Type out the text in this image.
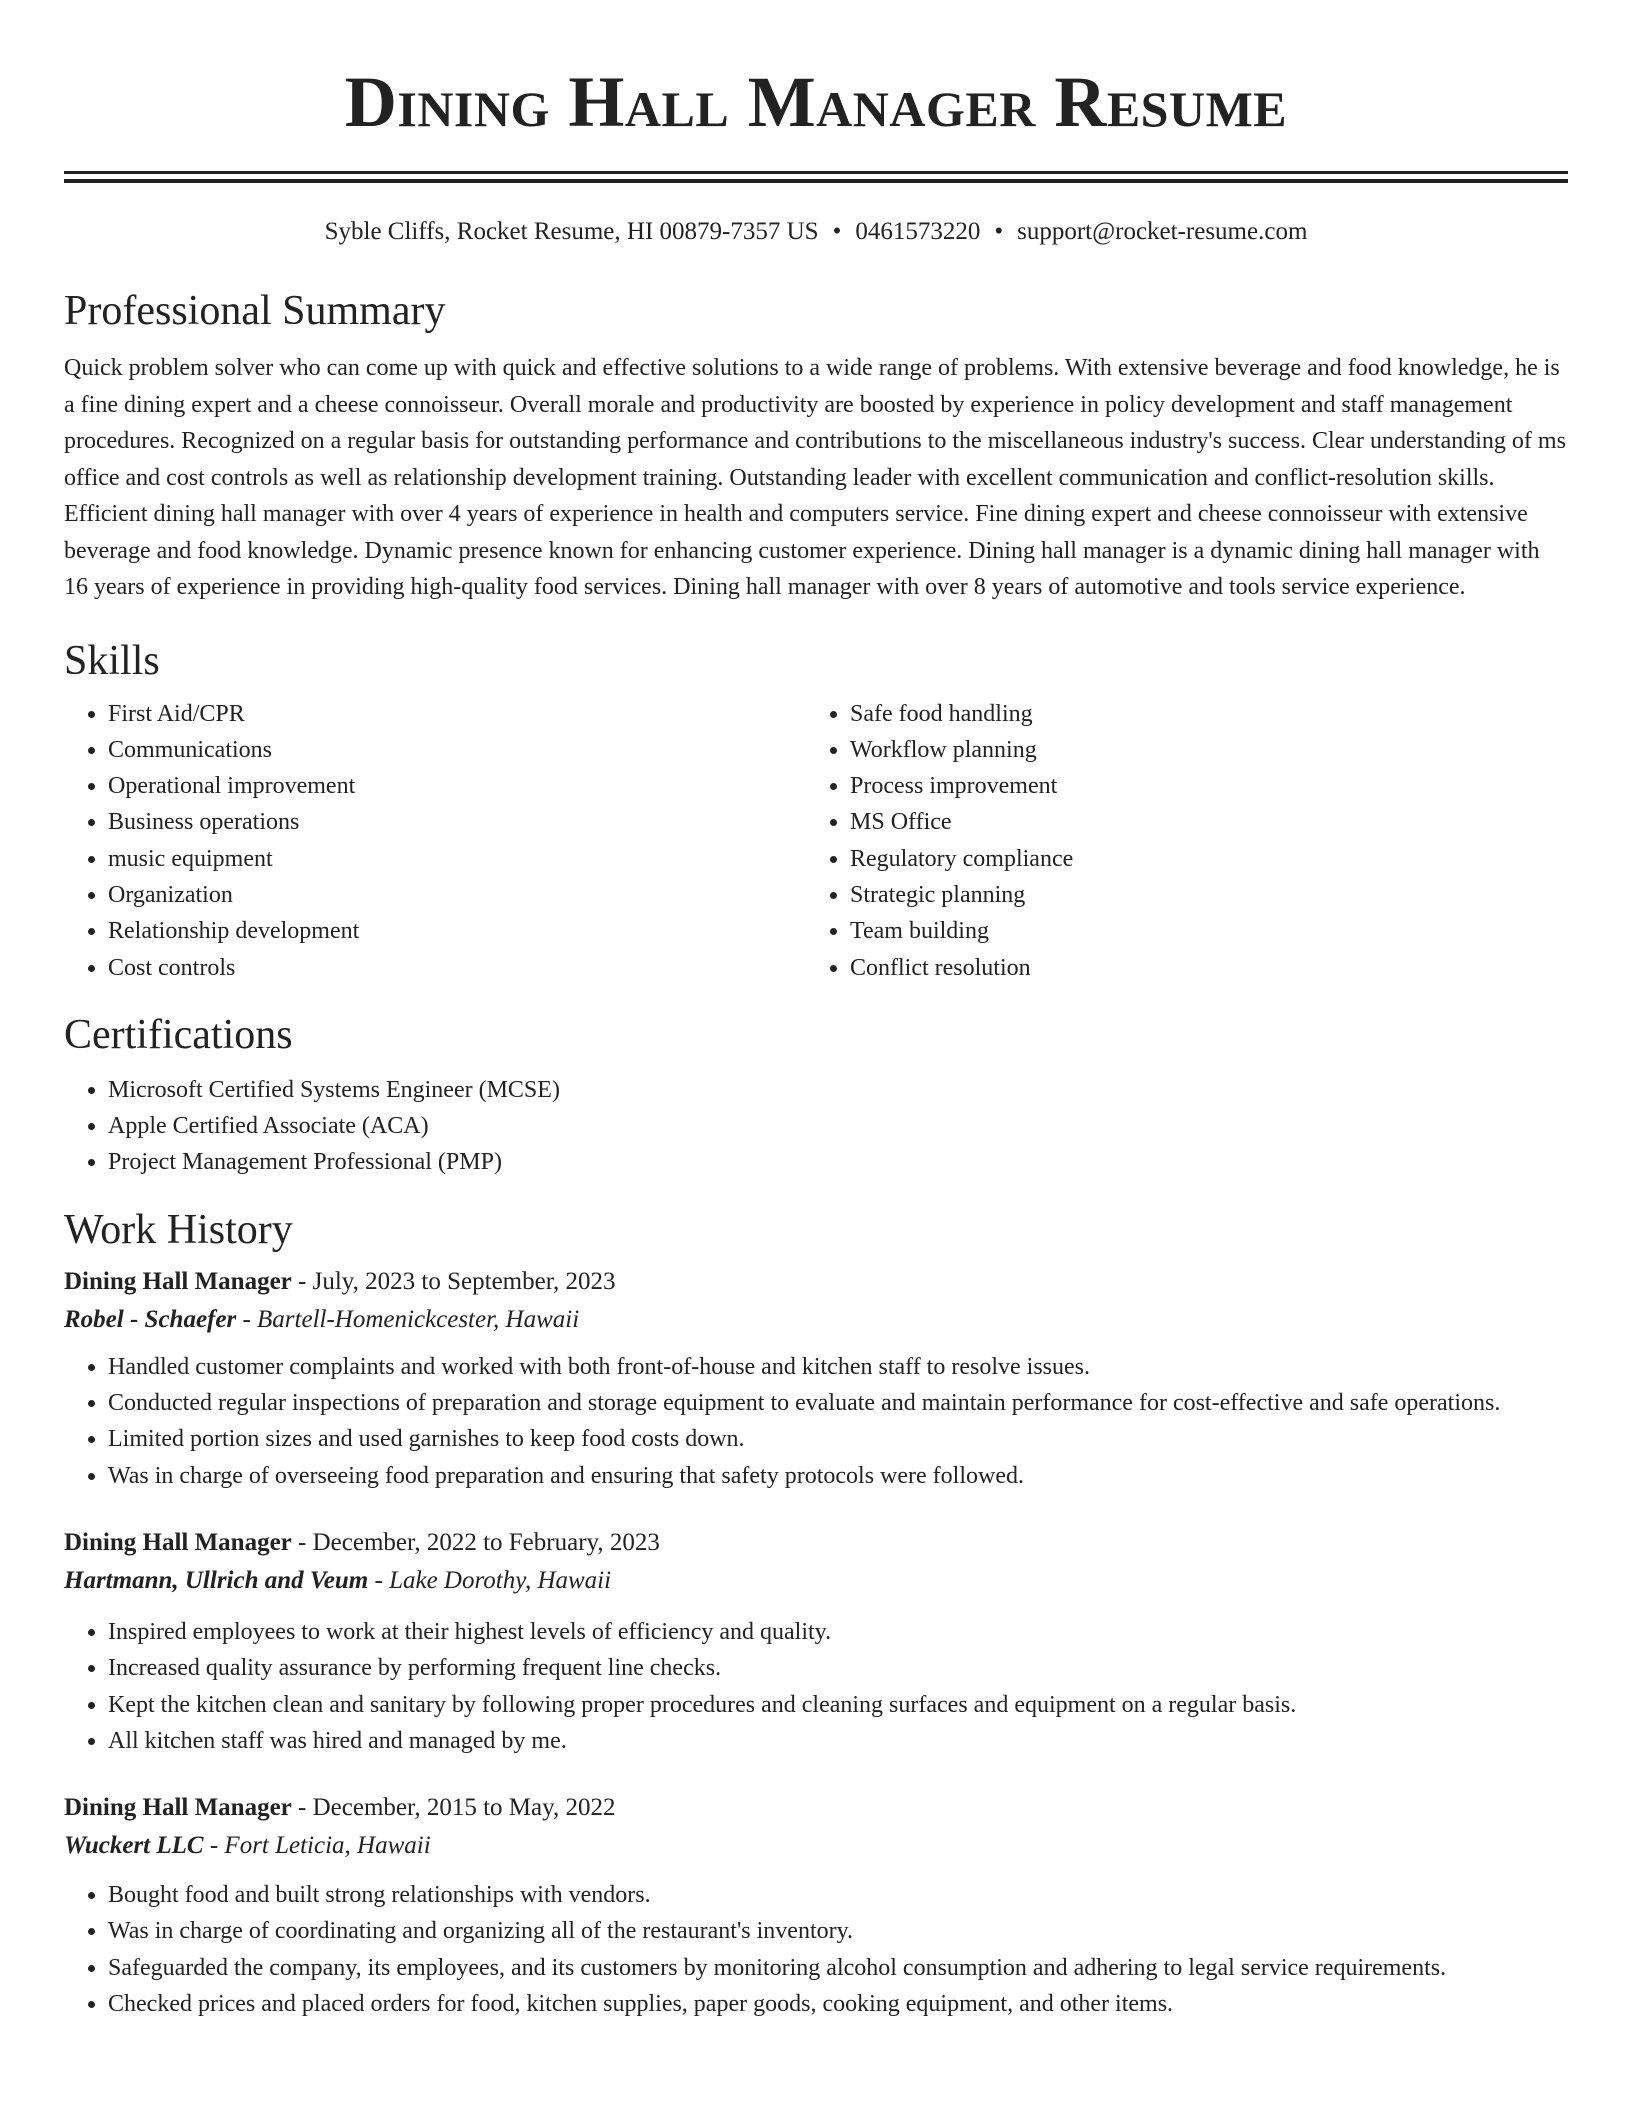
Dining Hall Manager Resume
Syble Cliffs, Rocket Resume, HI 00879-7357 US • 0461573220 • support@rocket-resume.com
Professional Summary

Quick problem solver who can come up with quick and effective solutions to a wide range of problems. With extensive beverage and food knowledge, he is a fine dining expert and a cheese connoisseur. Overall morale and productivity are boosted by experience in policy development and staff management procedures. Recognized on a regular basis for outstanding performance and contributions to the miscellaneous industry's success. Clear understanding of ms office and cost controls as well as relationship development training. Outstanding leader with excellent communication and conflict-resolution skills. Efficient dining hall manager with over 4 years of experience in health and computers service. Fine dining expert and cheese connoisseur with extensive beverage and food knowledge. Dynamic presence known for enhancing customer experience. Dining hall manager is a dynamic dining hall manager with 16 years of experience in providing high-quality food services. Dining hall manager with over 8 years of automotive and tools service experience.

Skills
• First Aid/CPR
• Communications
• Operational improvement
• Business operations
• music equipment
• Organization
• Relationship development
• Cost controls
• Safe food handling
• Workflow planning
• Process improvement
• MS Office
• Regulatory compliance
• Strategic planning
• Team building
• Conflict resolution
Certifications
• Microsoft Certified Systems Engineer (MCSE)
• Apple Certified Associate (ACA)
• Project Management Professional (PMP)
Work History
Dining Hall Manager - July, 2023 to September, 2023
Robel - Schaefer - Bartell-Homenickcester, Hawaii
• Handled customer complaints and worked with both front-of-house and kitchen staff to resolve issues.
• Conducted regular inspections of preparation and storage equipment to evaluate and maintain performance for cost-effective and safe operations.
• Limited portion sizes and used garnishes to keep food costs down.
• Was in charge of overseeing food preparation and ensuring that safety protocols were followed.
Dining Hall Manager - December, 2022 to February, 2023
Hartmann, Ullrich and Veum - Lake Dorothy, Hawaii
• Inspired employees to work at their highest levels of efficiency and quality.
• Increased quality assurance by performing frequent line checks.
• Kept the kitchen clean and sanitary by following proper procedures and cleaning surfaces and equipment on a regular basis.
• All kitchen staff was hired and managed by me.
Dining Hall Manager - December, 2015 to May, 2022
Wuckert LLC - Fort Leticia, Hawaii
• Bought food and built strong relationships with vendors.
• Was in charge of coordinating and organizing all of the restaurant's inventory.
• Safeguarded the company, its employees, and its customers by monitoring alcohol consumption and adhering to legal service requirements.
• Checked prices and placed orders for food, kitchen supplies, paper goods, cooking equipment, and other items.
